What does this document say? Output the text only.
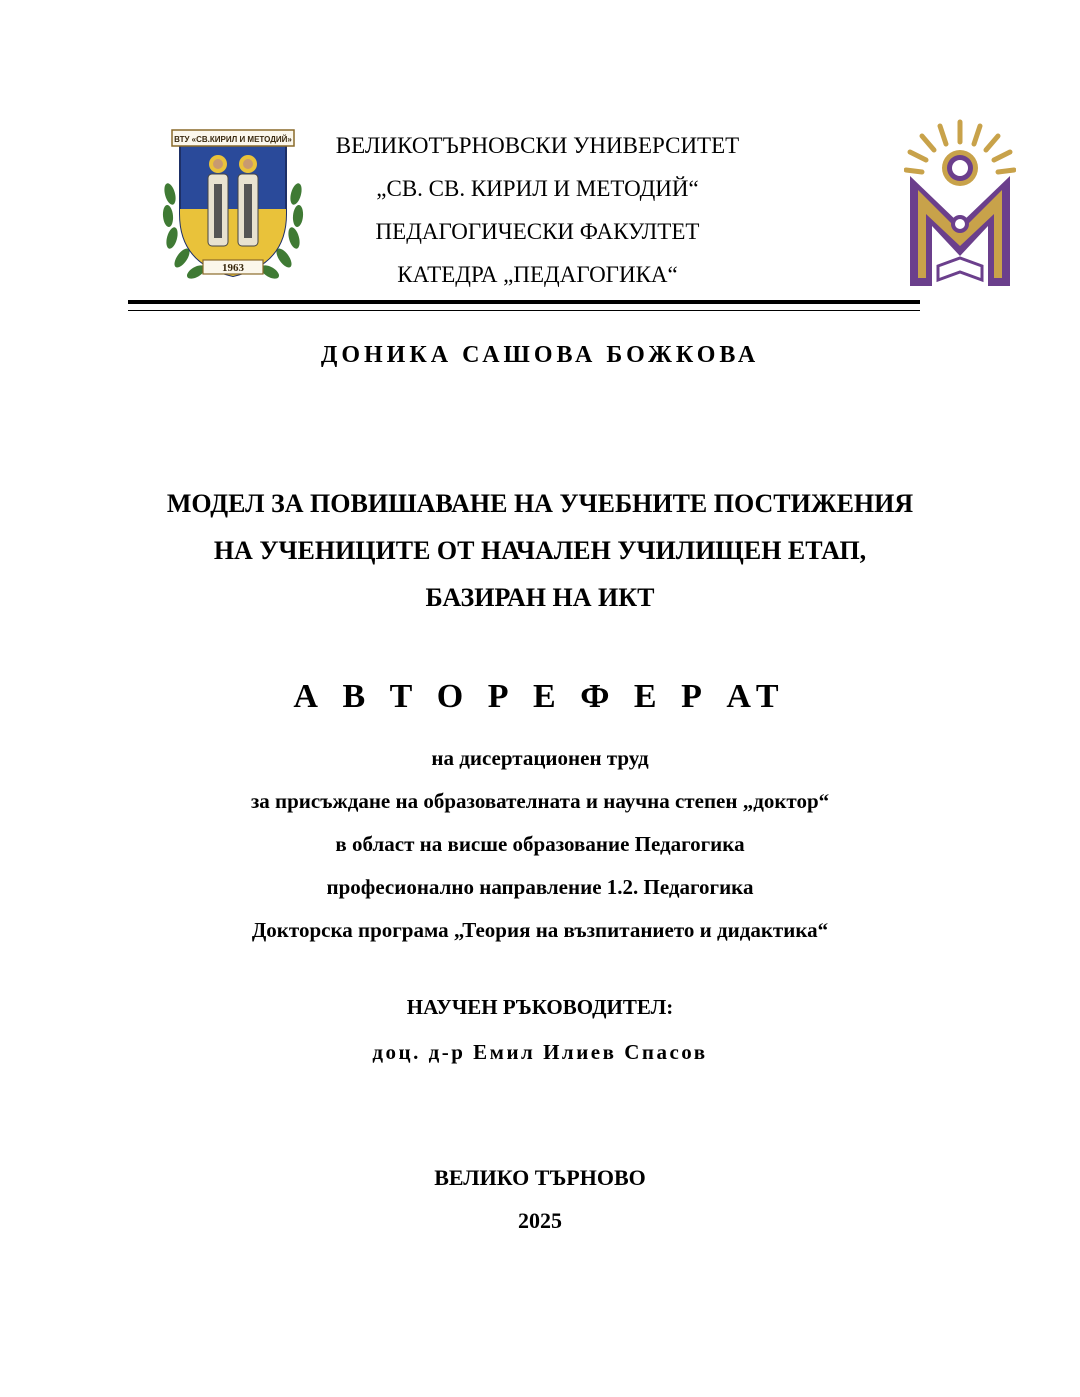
ВТУ «СВ.КИРИЛ И МЕТОДИЙ»
1963
ВЕЛИКОТЪРНОВСКИ УНИВЕРСИТЕТ
„СВ. СВ. КИРИЛ И МЕТОДИЙ“
ПЕДАГОГИЧЕСКИ ФАКУЛТЕТ
КАТЕДРА „ПЕДАГОГИКА“
ДОНИКА САШОВА БОЖКОВА
МОДЕЛ ЗА ПОВИШАВАНЕ НА УЧЕБНИТЕ ПОСТИЖЕНИЯ
НА УЧЕНИЦИТЕ ОТ НАЧАЛЕН УЧИЛИЩЕН ЕТАП,
БАЗИРАН НА ИКТ
А В Т О Р Е Ф Е Р АТ
на дисертационен труд
за присъждане на образователната и научна степен „доктор“
в област на висше образование Педагогика
професионално направление 1.2. Педагогика
Докторска програма „Теория на възпитанието и дидактика“
НАУЧЕН РЪКОВОДИТЕЛ:
доц. д-р Емил Илиев Спасов
ВЕЛИКО ТЪРНОВО
2025
